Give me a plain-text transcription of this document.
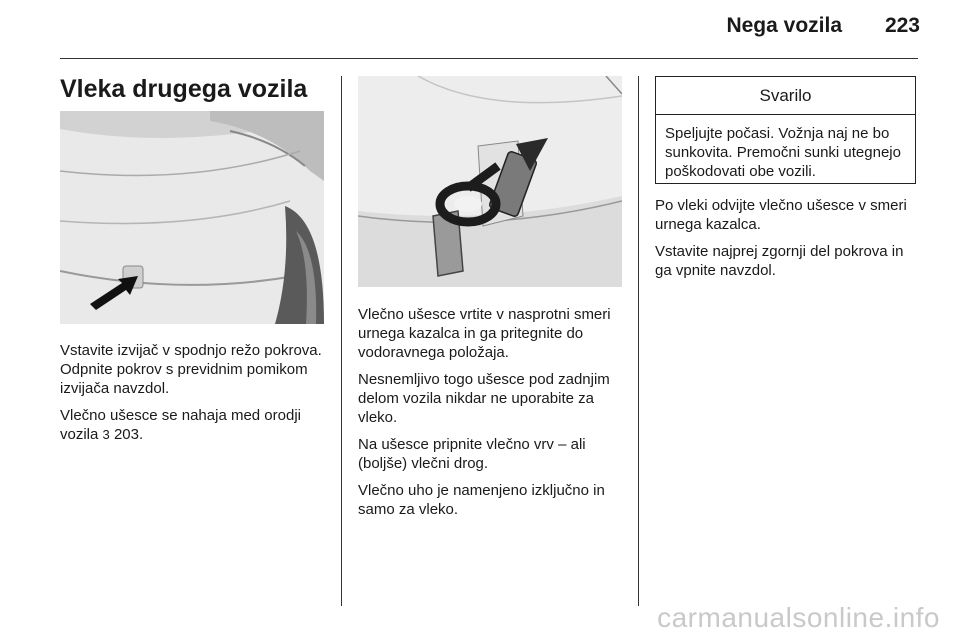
Nega vozila 223
Vleka drugega vozila

Vstavite izvijač v spodnjo režo pokrova. Odpnite pokrov s previdnim pomikom izvijača navzdol.

Vlečno ušesce se nahaja med orodji vozila 3 203.

Vlečno ušesce vrtite v nasprotni smeri urnega kazalca in ga pritegnite do vodoravnega položaja.

Nesnemljivo togo ušesce pod zadnjim delom vozila nikdar ne uporabite za vleko.

Na ušesce pripnite vlečno vrv – ali (boljše) vlečni drog.

Vlečno uho je namenjeno izključno in samo za vleko.

Svarilo
Speljujte počasi. Vožnja naj ne bo sunkovita. Premočni sunki utegnejo poškodovati obe vozili.

Po vleki odvijte vlečno ušesce v smeri urnega kazalca.

Vstavite najprej zgornji del pokrova in ga vpnite navzdol.

carmanualsonline.info
